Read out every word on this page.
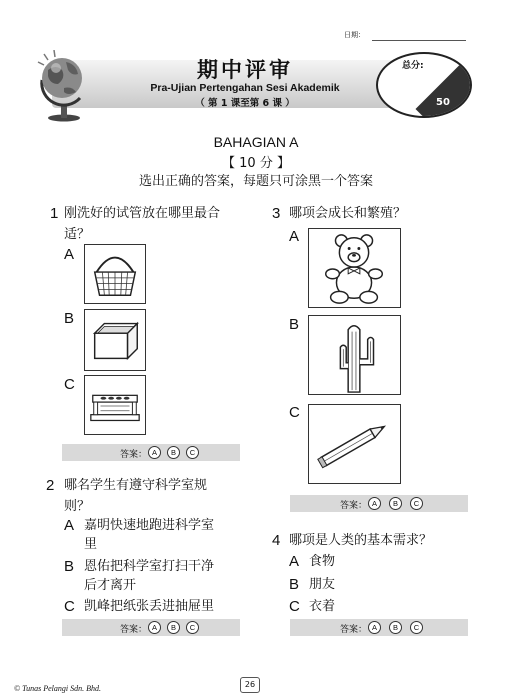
日期：
期中评审
Pra-Ujian Pertengahan Sesi Akademik
（ 第 1 课至第 6 课 ）
总分:
50
BAHAGIAN A
【 10 分 】
选出正确的答案，每题只可涂黑一个答案
1 刚洗好的试管放在哪里最合
适？
A
B
C
答案： A	B	C
2 哪名学生有遵守科学室规
则？
A 嘉明快速地跑进科学室
里
B 恩佑把科学室打扫干净
后才离开
C 凯峰把纸张丢进抽屉里
答案： A	B	C
3 哪项会成长和繁殖？
A
B
C
答案： A	B	C
4 哪项是人类的基本需求？
A 食物
B 朋友
C 衣着
答案： A	B	C
© Tunas Pelangi Sdn. Bhd.	26
